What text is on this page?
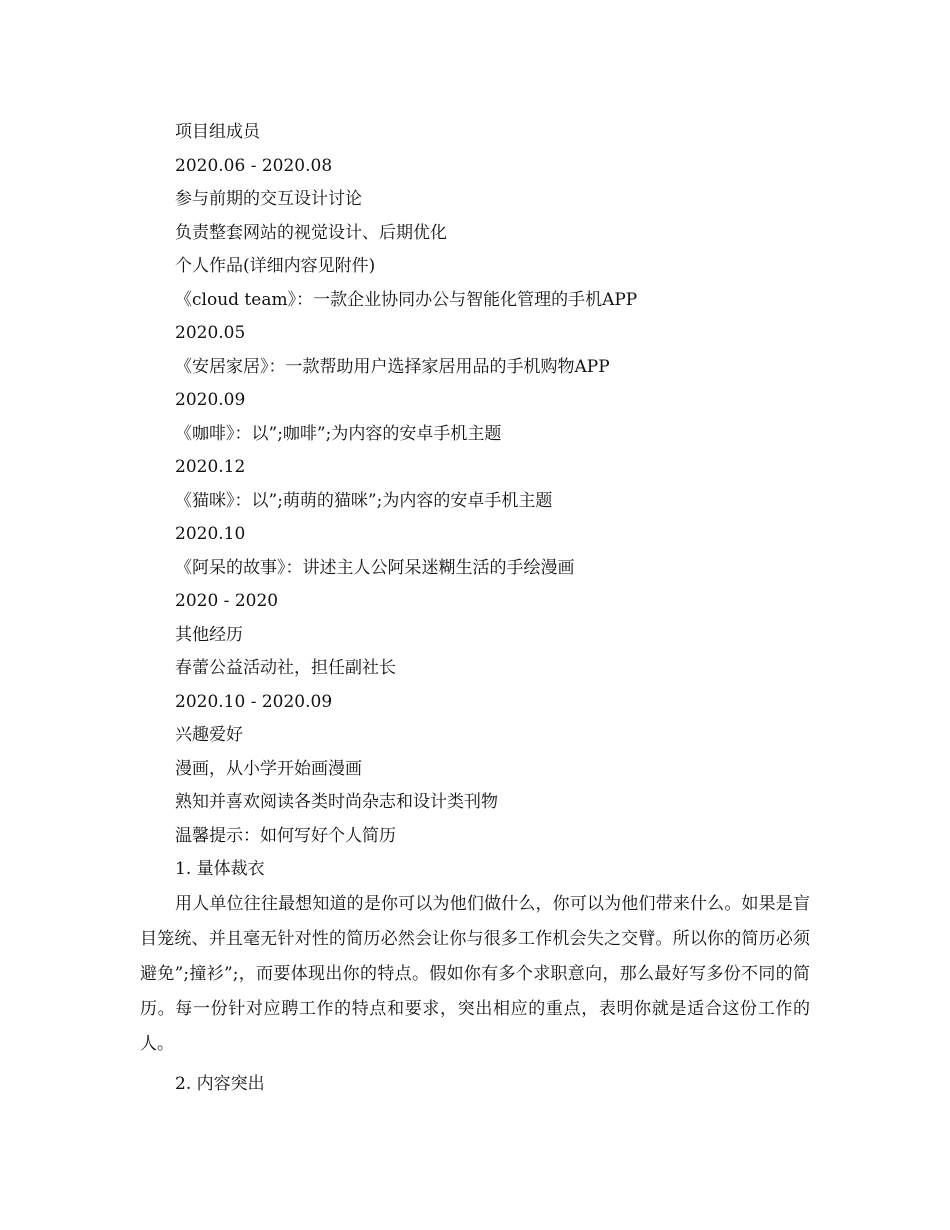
项目组成员
2020.06 - 2020.08
参与前期的交互设计讨论
负责整套网站的视觉设计、后期优化
个人作品(详细内容见附件)
《cloud team》：一款企业协同办公与智能化管理的手机APP
2020.05
《安居家居》：一款帮助用户选择家居用品的手机购物APP
2020.09
《咖啡》：以”;咖啡”;为内容的安卓手机主题
2020.12
《猫咪》：以”;萌萌的猫咪”;为内容的安卓手机主题
2020.10
《阿呆的故事》：讲述主人公阿呆迷糊生活的手绘漫画
2020 - 2020
其他经历
春蕾公益活动社，担任副社长
2020.10 - 2020.09
兴趣爱好
漫画，从小学开始画漫画
熟知并喜欢阅读各类时尚杂志和设计类刊物
温馨提示：如何写好个人简历
1. 量体裁衣

用人单位往往最想知道的是你可以为他们做什么，你可以为他们带来什么。如果是盲目笼统、并且毫无针对性的简历必然会让你与很多工作机会失之交臂。所以你的简历必须避免”;撞衫”;，而要体现出你的特点。假如你有多个求职意向，那么最好写多份不同的简历。每一份针对应聘工作的特点和要求，突出相应的重点，表明你就是适合这份工作的人。

2. 内容突出
